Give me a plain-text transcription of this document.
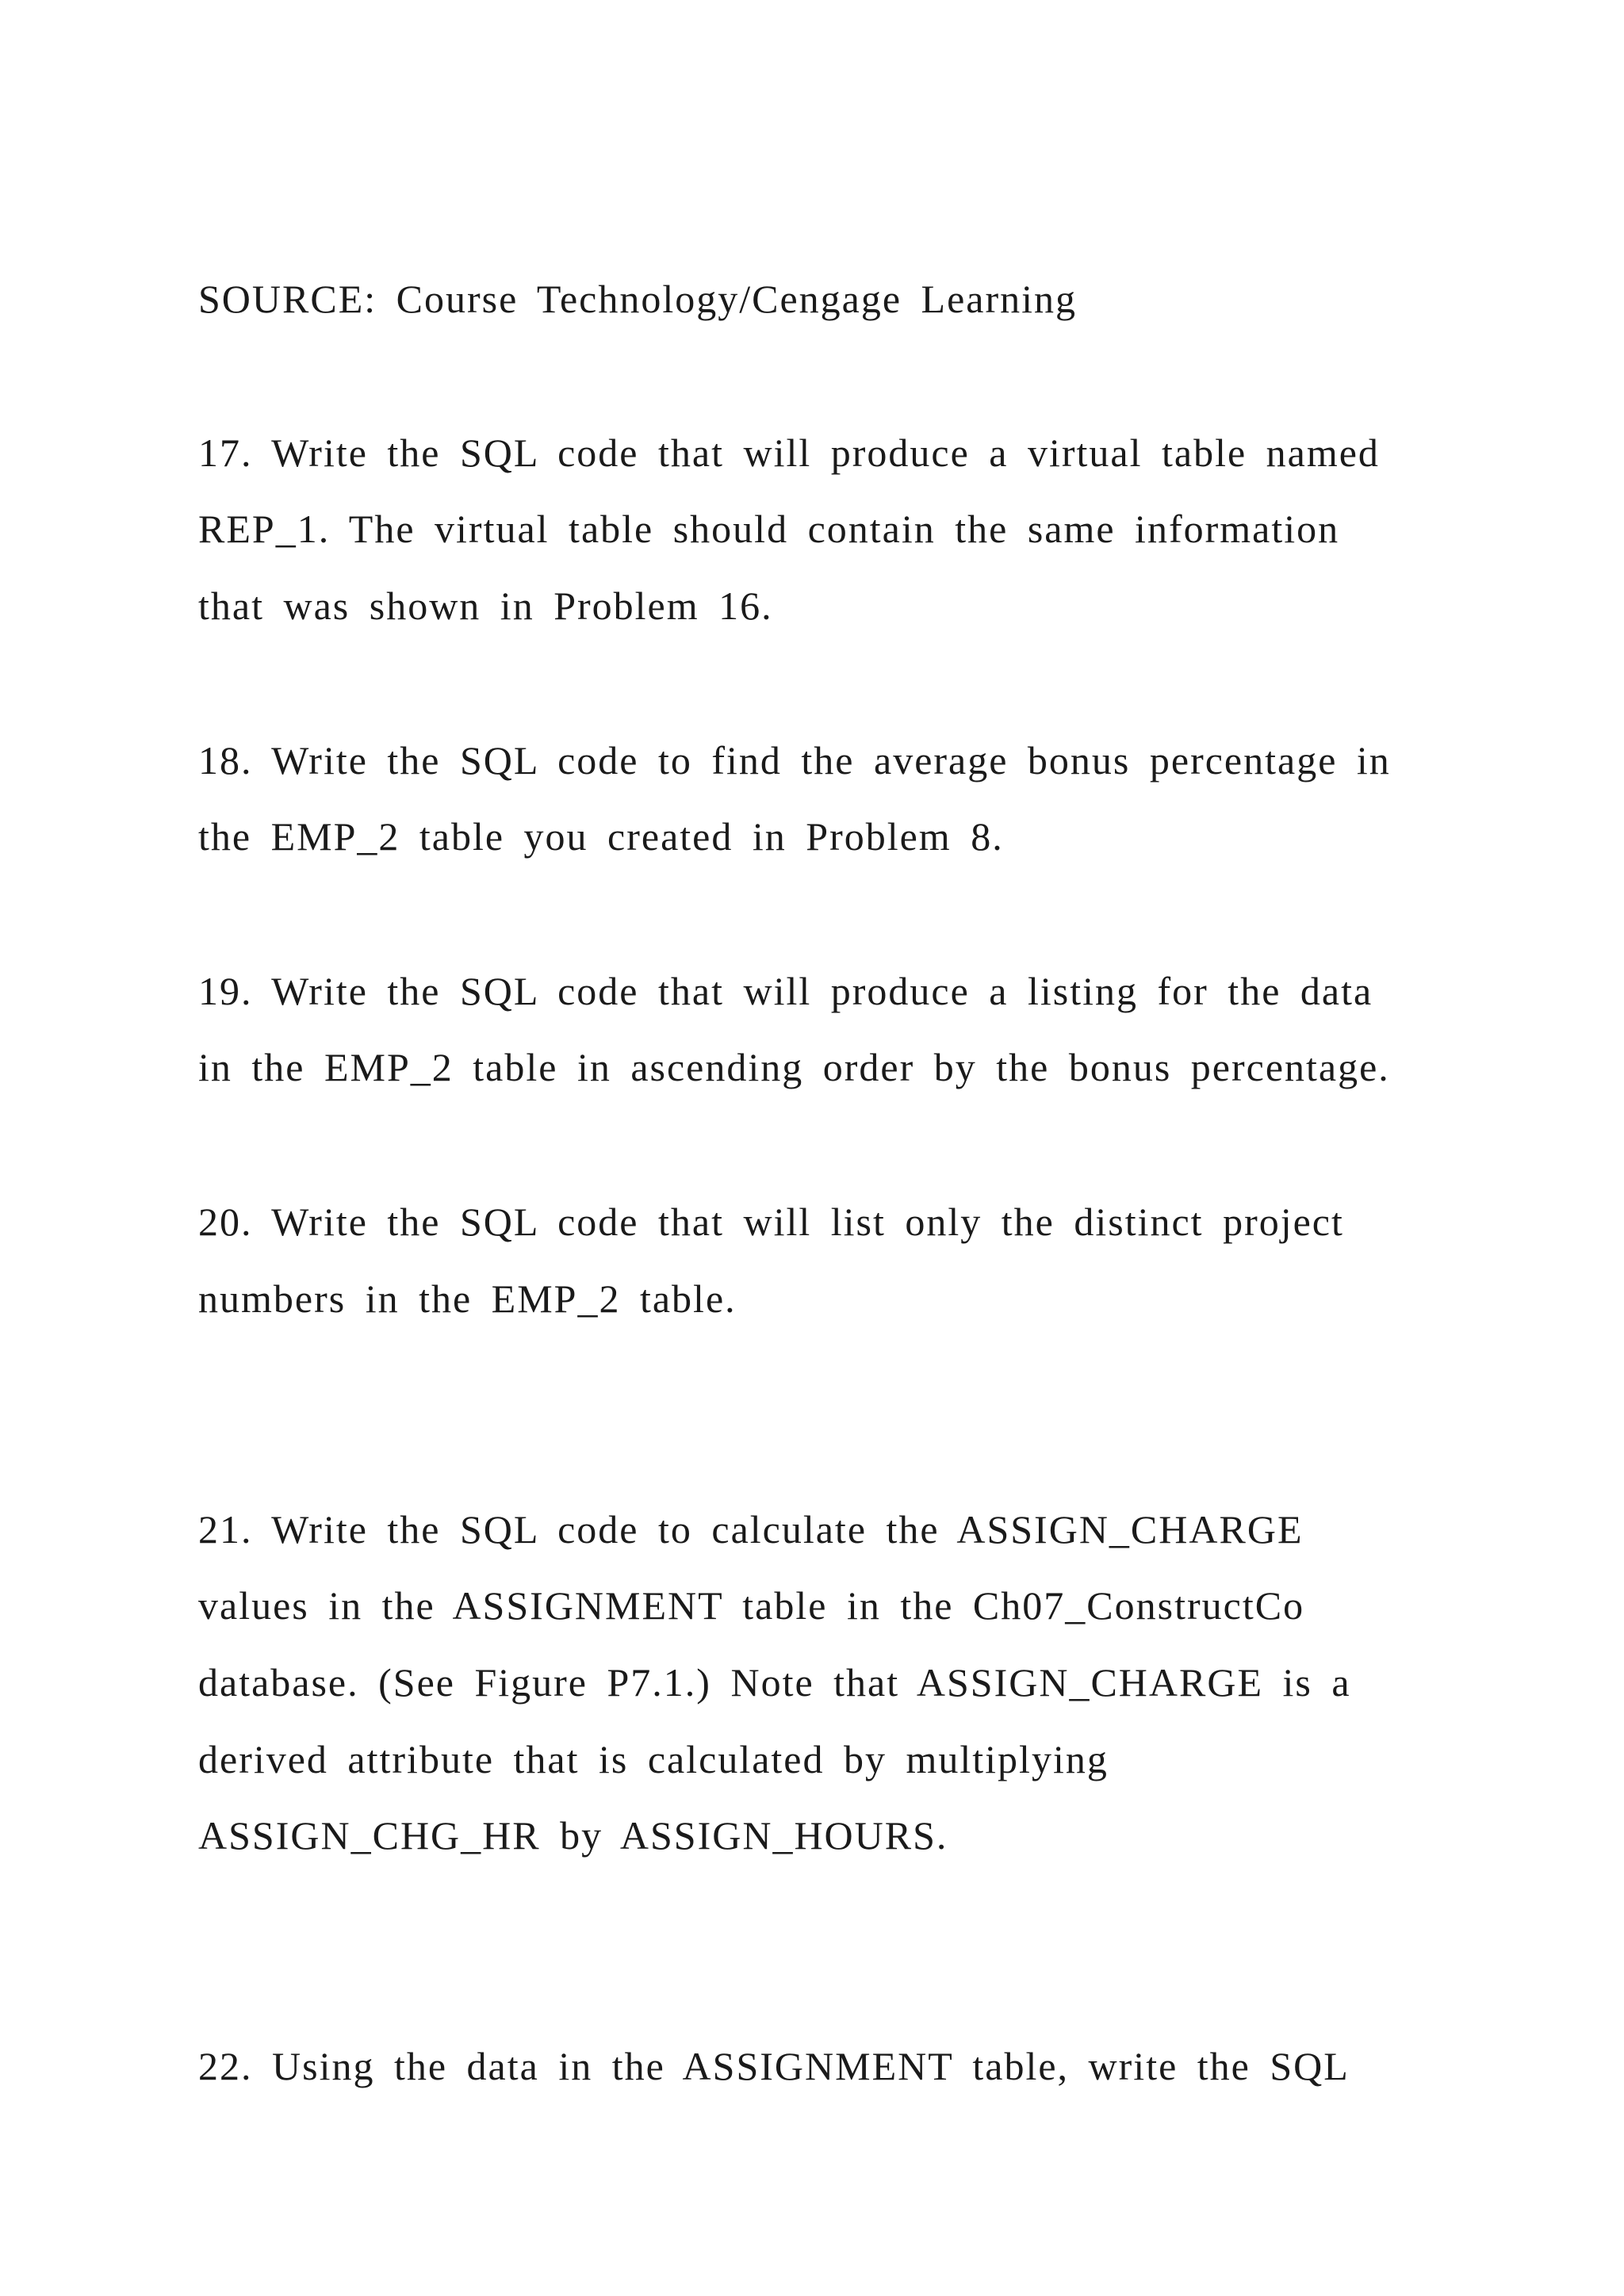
SOURCE: Course Technology/Cengage Learning

17. Write the SQL code that will produce a virtual table named

REP_1. The virtual table should contain the same information

that was shown in Problem 16.

18. Write the SQL code to find the average bonus percentage in

the EMP_2 table you created in Problem 8.

19. Write the SQL code that will produce a listing for the data

in the EMP_2 table in ascending order by the bonus percentage.

20. Write the SQL code that will list only the distinct project

numbers in the EMP_2 table.

21. Write the SQL code to calculate the ASSIGN_CHARGE

values in the ASSIGNMENT table in the Ch07_ConstructCo

database. (See Figure P7.1.) Note that ASSIGN_CHARGE is a

derived attribute that is calculated by multiplying

ASSIGN_CHG_HR by ASSIGN_HOURS.

22. Using the data in the ASSIGNMENT table, write the SQL
